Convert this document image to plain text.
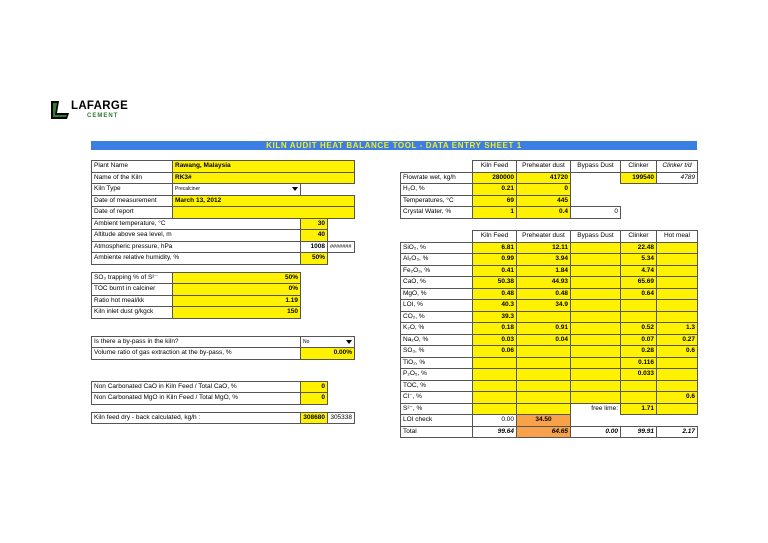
LAFARGE
CEMENT
KILN AUDIT HEAT BALANCE TOOL - DATA ENTRY SHEET 1
Plant Name	Rawang, Malaysia		
Name of the Kiln	RK3#		
Kiln Type	Precalciner	

Date of measurement	March 13, 2012		
Date of report			
Ambient temperature, °C		30	
Altitude above sea level, m		40	
Atmospheric pressure, hPa		1008	#######
Ambiente relative humidity, %		50%	

SO₃ trapping % of S²⁻	50%		
TOC burnt in calciner	0%		
Ratio hot meal/kk	1.19		
Kiln inlet dust g/kgck	150		

Is there a by-pass in the kiln?		No	

Volume ratio of gas extraction at the by-pass, %		0.00%	

Non Carbonated CaO in Kiln Feed / Total CaO, %		0	
Non Carbonated MgO in Kiln Feed / Total MgO, %		0	

Kiln feed dry - back calculated, kg/h :		308680	305338
	Kiln Feed	Preheater dust	Bypass Dust	Clinker	Clinker t/d
Flowrate wet, kg/h	280000	41720		199540	4789
H₂O, %	0.21	0			
Temperatures, °C	69	445			
Crystal Water, %	1	0.4	0		
	Kiln Feed	Preheater dust	Bypass Dust	Clinker	Hot meal
SiO₂, %	6.81	12.11		22.48	
Al₂O₃, %	0.99	3.94		5.34	
Fe₂O₃, %	0.41	1.84		4.74	
CaO, %	50.38	44.93		65.69	
MgO, %	0.48	0.48		0.64	
LOI, %	40.3	34.9			
CO₂, %	39.3				
K₂O, %	0.18	0.91		0.52	1.3
Na₂O, %	0.03	0.04		0.07	0.27
SO₃, %	0.06			0.28	0.6
TiO₂, %				0.116	
P₂O₅, %				0.033	
TOC, %					
Cl⁻, %					0.6
S²⁻, %			free lime:	1.71	
LOI check	0.00	34.50			
Total	99.64	64.65	0.00	99.91	2.17
